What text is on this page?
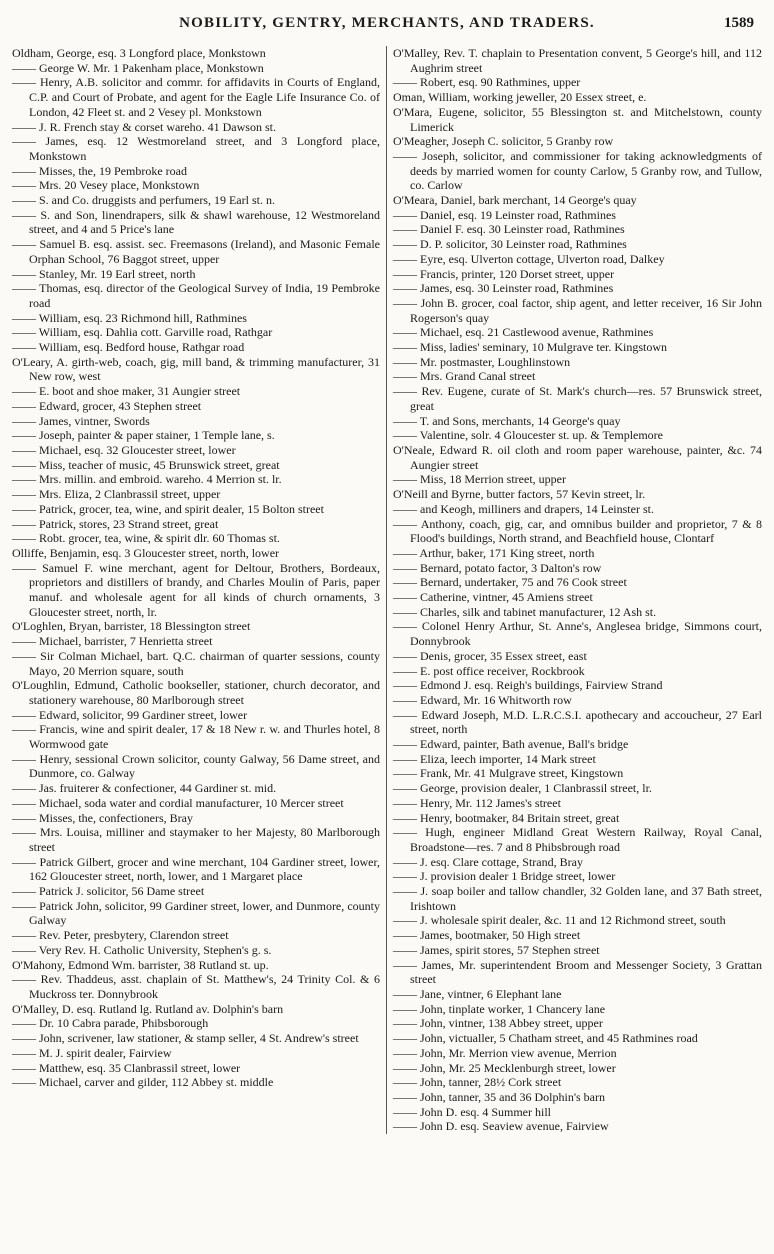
NOBILITY, GENTRY, MERCHANTS, AND TRADERS.	1589

Oldham, George, esq. 3 Longford place, Monkstown

—— George W. Mr. 1 Pakenham place, Monkstown

—— Henry, A.B. solicitor and commr. for affidavits in Courts of England, C.P. and Court of Probate, and agent for the Eagle Life Insurance Co. of London, 42 Fleet st. and 2 Vesey pl. Monkstown

—— J. R. French stay & corset wareho. 41 Dawson st.

—— James, esq. 12 Westmoreland street, and 3 Longford place, Monkstown

—— Misses, the, 19 Pembroke road

—— Mrs. 20 Vesey place, Monkstown

—— S. and Co. druggists and perfumers, 19 Earl st. n.

—— S. and Son, linendrapers, silk & shawl warehouse, 12 Westmoreland street, and 4 and 5 Price's lane

—— Samuel B. esq. assist. sec. Freemasons (Ireland), and Masonic Female Orphan School, 76 Baggot street, upper

—— Stanley, Mr. 19 Earl street, north

—— Thomas, esq. director of the Geological Survey of India, 19 Pembroke road

—— William, esq. 23 Richmond hill, Rathmines

—— William, esq. Dahlia cott. Garville road, Rathgar

—— William, esq. Bedford house, Rathgar road

O'Leary, A. girth-web, coach, gig, mill band, & trimming manufacturer, 31 New row, west

—— E. boot and shoe maker, 31 Aungier street

—— Edward, grocer, 43 Stephen street

—— James, vintner, Swords

—— Joseph, painter & paper stainer, 1 Temple lane, s.

—— Michael, esq. 32 Gloucester street, lower

—— Miss, teacher of music, 45 Brunswick street, great

—— Mrs. millin. and embroid. wareho. 4 Merrion st. lr.

—— Mrs. Eliza, 2 Clanbrassil street, upper

—— Patrick, grocer, tea, wine, and spirit dealer, 15 Bolton street

—— Patrick, stores, 23 Strand street, great

—— Robt. grocer, tea, wine, & spirit dlr. 60 Thomas st.

Olliffe, Benjamin, esq. 3 Gloucester street, north, lower

—— Samuel F. wine merchant, agent for Deltour, Brothers, Bordeaux, proprietors and distillers of brandy, and Charles Moulin of Paris, paper manuf. and wholesale agent for all kinds of church ornaments, 3 Gloucester street, north, lr.

O'Loghlen, Bryan, barrister, 18 Blessington street

—— Michael, barrister, 7 Henrietta street

—— Sir Colman Michael, bart. Q.C. chairman of quarter sessions, county Mayo, 20 Merrion square, south

O'Loughlin, Edmund, Catholic bookseller, stationer, church decorator, and stationery warehouse, 80 Marlborough street

—— Edward, solicitor, 99 Gardiner street, lower

—— Francis, wine and spirit dealer, 17 & 18 New r. w. and Thurles hotel, 8 Wormwood gate

—— Henry, sessional Crown solicitor, county Galway, 56 Dame street, and Dunmore, co. Galway

—— Jas. fruiterer & confectioner, 44 Gardiner st. mid.

—— Michael, soda water and cordial manufacturer, 10 Mercer street

—— Misses, the, confectioners, Bray

—— Mrs. Louisa, milliner and staymaker to her Majesty, 80 Marlborough street

—— Patrick Gilbert, grocer and wine merchant, 104 Gardiner street, lower, 162 Gloucester street, north, lower, and 1 Margaret place

—— Patrick J. solicitor, 56 Dame street

—— Patrick John, solicitor, 99 Gardiner street, lower, and Dunmore, county Galway

—— Rev. Peter, presbytery, Clarendon street

—— Very Rev. H. Catholic University, Stephen's g. s.

O'Mahony, Edmond Wm. barrister, 38 Rutland st. up.

—— Rev. Thaddeus, asst. chaplain of St. Matthew's, 24 Trinity Col. & 6 Muckross ter. Donnybrook

O'Malley, D. esq. Rutland lg. Rutland av. Dolphin's barn

—— Dr. 10 Cabra parade, Phibsborough

—— John, scrivener, law stationer, & stamp seller, 4 St. Andrew's street

—— M. J. spirit dealer, Fairview

—— Matthew, esq. 35 Clanbrassil street, lower

—— Michael, carver and gilder, 112 Abbey st. middle

O'Malley, Rev. T. chaplain to Presentation convent, 5 George's hill, and 112 Aughrim street

—— Robert, esq. 90 Rathmines, upper

Oman, William, working jeweller, 20 Essex street, e.

O'Mara, Eugene, solicitor, 55 Blessington st. and Mitchelstown, county Limerick

O'Meagher, Joseph C. solicitor, 5 Granby row

—— Joseph, solicitor, and commissioner for taking acknowledgments of deeds by married women for county Carlow, 5 Granby row, and Tullow, co. Carlow

O'Meara, Daniel, bark merchant, 14 George's quay

—— Daniel, esq. 19 Leinster road, Rathmines

—— Daniel F. esq. 30 Leinster road, Rathmines

—— D. P. solicitor, 30 Leinster road, Rathmines

—— Eyre, esq. Ulverton cottage, Ulverton road, Dalkey

—— Francis, printer, 120 Dorset street, upper

—— James, esq. 30 Leinster road, Rathmines

—— John B. grocer, coal factor, ship agent, and letter receiver, 16 Sir John Rogerson's quay

—— Michael, esq. 21 Castlewood avenue, Rathmines

—— Miss, ladies' seminary, 10 Mulgrave ter. Kingstown

—— Mr. postmaster, Loughlinstown

—— Mrs. Grand Canal street

—— Rev. Eugene, curate of St. Mark's church—res. 57 Brunswick street, great

—— T. and Sons, merchants, 14 George's quay

—— Valentine, solr. 4 Gloucester st. up. & Templemore

O'Neale, Edward R. oil cloth and room paper warehouse, painter, &c. 74 Aungier street

—— Miss, 18 Merrion street, upper

O'Neill and Byrne, butter factors, 57 Kevin street, lr.

—— and Keogh, milliners and drapers, 14 Leinster st.

—— Anthony, coach, gig, car, and omnibus builder and proprietor, 7 & 8 Flood's buildings, North strand, and Beachfield house, Clontarf

—— Arthur, baker, 171 King street, north

—— Bernard, potato factor, 3 Dalton's row

—— Bernard, undertaker, 75 and 76 Cook street

—— Catherine, vintner, 45 Amiens street

—— Charles, silk and tabinet manufacturer, 12 Ash st.

—— Colonel Henry Arthur, St. Anne's, Anglesea bridge, Simmons court, Donnybrook

—— Denis, grocer, 35 Essex street, east

—— E. post office receiver, Rockbrook

—— Edmond J. esq. Reigh's buildings, Fairview Strand

—— Edward, Mr. 16 Whitworth row

—— Edward Joseph, M.D. L.R.C.S.I. apothecary and accoucheur, 27 Earl street, north

—— Edward, painter, Bath avenue, Ball's bridge

—— Eliza, leech importer, 14 Mark street

—— Frank, Mr. 41 Mulgrave street, Kingstown

—— George, provision dealer, 1 Clanbrassil street, lr.

—— Henry, Mr. 112 James's street

—— Henry, bootmaker, 84 Britain street, great

—— Hugh, engineer Midland Great Western Railway, Royal Canal, Broadstone—res. 7 and 8 Phibsbrough road

—— J. esq. Clare cottage, Strand, Bray

—— J. provision dealer 1 Bridge street, lower

—— J. soap boiler and tallow chandler, 32 Golden lane, and 37 Bath street, Irishtown

—— J. wholesale spirit dealer, &c. 11 and 12 Richmond street, south

—— James, bootmaker, 50 High street

—— James, spirit stores, 57 Stephen street

—— James, Mr. superintendent Broom and Messenger Society, 3 Grattan street

—— Jane, vintner, 6 Elephant lane

—— John, tinplate worker, 1 Chancery lane

—— John, vintner, 138 Abbey street, upper

—— John, victualler, 5 Chatham street, and 45 Rathmines road

—— John, Mr. Merrion view avenue, Merrion

—— John, Mr. 25 Mecklenburgh street, lower

—— John, tanner, 28½ Cork street

—— John, tanner, 35 and 36 Dolphin's barn

—— John D. esq. 4 Summer hill

—— John D. esq. Seaview avenue, Fairview
